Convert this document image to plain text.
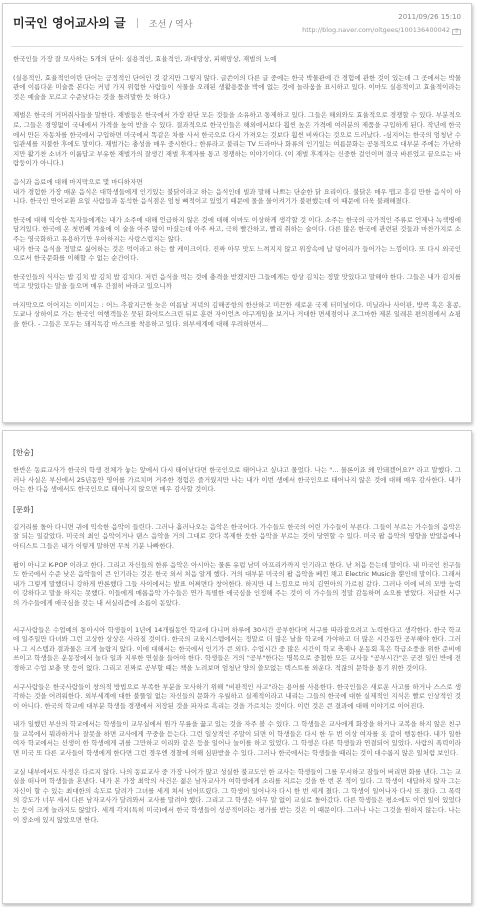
미국인 영어교사의 글	조선 / 역사
2011/09/26 15:10
http://blog.naver.com/oltgees/100136400042 공
한국인들 가장 잘 모사하는 5개의 단어: 실용적인, 효율적인, 과대망상, 피해망상, 재벌의 노예
(실용적인, 효율적인이란 단어는 긍정적인 단어인 것 같지만 그렇지 않다. 글쓴이의 다른 글 중에는 한국 박물관에 간 경험에 관한 것이 있는데 그 곳에서는 박물관에 이름다운 미술품 본다는 커녕 가지 위험한 사람들이 식물을 오래된 생활용품을 박에 없는 것에 놀라움을 표시하고 있다. 이마도 실용적이고 효율적이라는 것은 예술을 모르고 수준낮다는 것을 틀려말한 듯 하다.)
재벌은 한국의 거머쥐사들을 말한다. 재벌들은 한국에서 가장 판단 모든 것들을 소유하고 통제하고 있다. 그들은 해외와도 효율적으로 경쟁할 수 있다. 부분적으로, 그들은 경영없이 국내에서 가격을 높여 받을 수 있다. 결과적으로 한국인들은 해외에서보다 훨씬 높은 가격에 여러분의 제품을 구입하게 된다. 작년에 한국에서 만든 자동차를 한국에서 구입하면 미국에서 똑같은 차를 사서 한국으로 다시 가져오는 것보다 훨씬 비싸다는 것으로 드러났다. -심지어는 한국의 엄청난 수입관세를 지불한 후에도 말이다. 재벌가는 충성을 매우 중시한다.; 한류라고 불리는 TV 드라마나 화류의 인기있는 여름문화는 공통적으로 대부분 주에는 가난하지만 활기찬 소녀가 이룹답고 부유한 재벌가의 잘생긴 재벌 후계자를 통고 경쟁하는 이야기이다. (이 재벌 후계자는 신중한 걸인이며 결국 바른었고 끝으로는 바람둥이가 아니다.)
음식과 음료에 대해 마지막으로 몇 마디하자면
내가 경험한 가장 매운 음식은 대학생들에게 인기있는 불닭이라고 하는 음식인데 빌과 말해 나쁘는 단순한 닭 요리이다. 불닭은 매우 맵고 흥길 만한 음식이 아니다. 한국인 연어교환 요일 사람들과 동석한 음식점은 엄청 뼈적이고 있었기 때문에 몰을 물이켜기가 불편했는데 이 때문에 더욱 불쾌해졌다.
한국에 대해 익숙한 독자들에게는 내가 소주에 대해 언급하지 않은 것에 대해 이마도 이상하게 생각할 것 이다. 소주는 한국의 국가적인 주류로 언제나 녹색병에 담겨있다. 한국에 온 첫번째 겨울에 이 술을 아주 많이 마셨는데 아주 싸고, 극히 빨간하고, 빨리 취하는 술이다. 다른 많은 한국에 관련된 것들과 마찬가지로 소주는 영국화하고 유용하기만 우아하지는 사랑스럽지는 않다.
내가 한국 음식을 정말로 싫어하는 것은 먹이라고 하는 쌀 케이크이다. 진짜 아무 맛도 느껴지지 않고 위장속에 납 덩어리가 들어가는 느낌이다. 또 다시 외국인으로서 한국문화를 이해할 수 없는 순간이다.
한국인들의 식사는 밥 김치 밥 김치 밥 김치다. 저런 음식을 먹는 것에 충격을 받겠지만 그들에게는 항상 김치는 정말 맛있다고 말해야 한다. 그들은 내가 김치를 먹고 맛있다는 말을 들으며 매우 간절히 바라고 있으니까
마지막으로 이어지는 이미지는 : 어느 추잡지근한 늦은 여름날 저녁의 김해공항의 한산하고 미끈한 새로운 국제 터미널이다. 미닐라나 사이판, 방콕 혹은 홍콩, 도쿄나 상하이로 가는 한국인 여행객들은 뭇된 화이트스크린 뒤로 훈련 자이언츠 야구게임을 보거나 거대한 면세점이나 조그마한 제본 일레븐 편의점에서 쇼핑을 한다. - 그들은 모두는 돼지독감 마스크를 착용하고 있다. 외부세계에 대해 우려하면서...
[한숨]
한반은 동료교사가 한국의 학생 전체가 놓는 앞에서 다시 태어난다면 한국인으로 태어나고 싶냐고 물었다. 나는 "... 물론이죠 왜 안돼겠어요?" 라고 말했다. 그러나 사실은 부산에서 25년동안 영어를 가르치며 거주한 경험은 즐거웠지만 나는 내가 이번 생에서 한국인으로 태어나지 않은 것에 대해 매우 감사한다. 내가 아는 한 다음 생에서도 한국인으로 태어나지 않으면 매우 감사할 것이다.
[문화]
길거리를 돌아 다니면 귀에 익숙한 음악이 들린다. 그러나 흘러나오는 음악은 한국어다. 가수들도 한국의 어린 가수들이 부른다. 그들이 부르는 가수들의 음악은 잘 되는 일같았다. 미국의 최인 음악이거나 댄스 음악을 거의 그대로 갖다 복제한 듯한 음악을 부르는 것이 당연할 수 있다. 미국 팝 음악의 영향을 받았음에나 아티스트 그들은 내가 이렇게 말하면 무척 기분 나빠한다.
팝이 아니고 K-POP 이라고 한다. 그리고 자신들의 한류 음악은 아시아는 물론 유럽 남미 아프리카까지 인기라고 한다. 난 처음 듣는데 말이다. 내 미국인 친구들도 한국에서 수준 낮은 음악들이 큰 인기라는 것은 한국 외서 처음 알게 했다. 거의 대부분 미국의 팝 음악을 베낀 채고 Electric Music을 뿐인데 말이다. 그래서 내가 그렇게 말했더니 강하게 반론했다 그들 사이에서는 발표 어쩌면다 창어한다. 하지만 내 느낌으로 마치 김연아의 가르침 같다. 그러나 이에 비의 모방 능력이 강하다고 말을 하지는 못했다. 이들에게 매롭음악 가수들은 연가 특별한 애국심을 인정해 주는 것이 이 가수들의 정말 감동하며 쇼으를 받았다. 저급한 서구의 가수들에게 애국심을 갖는 내 서실리즘에 소름이 돋았다.
서구사람들은 수업예의 통아시아 학생들이 1년에 14개월동안 학교에 다니며 하루에 30시간 공부한다며 서구를 따라잡으려고 노력한다고 생각한다. 한국 학교에 일주일만 다녀봐 그런 고상한 상상은 사라질 것이다. 한국의 교육시스템에서는 정말로 더 많은 날을 학교에 가야하고 더 많은 시간동안 공부해야 한다. 그러나 그 시스템과 결과물은 크게 놀랍지 않다. 이에 대해서는 한국에서 인기가 큰 외다. 수업시간 중 많은 시간이 학교 축제나 운동회 혹은 학급소풍을 위한 준비에 쓰이고 학생들은 운동장에서 놀다 일과 지루한 연설을 들어야 한다. 학생들은 거의 "공부"한다는 명목으로 중첩한 모든 교사들 "공부시간"은 군전 일인 반에 전경하고 수업 보충 맞 등이 없다. 그리고 진짜로 공부할 때는 책을 노려보며 엄청난 양의 쓸모없는 텍스트를 외운다. 적잖의 문학을 통기 위한 것이다.
서구사람들은 한국사람들이 창의적 방법으로 부족한 부분을 모사하기 위해 "비판적인 사고"라는 용어를 사용한다. 한국인들은 새로운 사고를 하거나 스스로 생각하는 것을 어려워한다. 외부세계에 대한 불뚤일 없는 자신들의 문화가 우월하고 실제적이라고 내리는 그들의 한국에 대한 실제적인 지식은 빨로 인상적인 것이 아니다. 한국의 학교에 대부분 학생들 경쟁에서 저장된 것을 파자로 흑리는 것을 가르치는 것이다. 이런 것은 큰 결과에 대해 이야기로 이어진다.
내가 일했던 부산의 학교에서는 학생들이 교무실에서 뭔가 무릎을 꿇고 있는 것을 자주 볼 수 있다. 그 학생들은 교사에게 화장을 하거나 교복을 하지 않은 친구들 교복에서 뭐라하거나 잘못을 하면 교사에게 꾸중을 듣는다. 그런 일상적인 주말이 되면 이 학생들은 다시 한 두 번 이상 여자를 옷 같이 행동한다. 내가 일한 여자 학교에서는 선생이 한 학생에게 귀를 그만하고 이리와 같은 등을 일어나 놀이를 하고 있었다. 그 학생은 다른 학생들과 연결되어 있었다. 사람의 폭력이라면 미국 또 다른 교사들이 학생에게 한다면 그런 경우엔 경찰에 의해 심판받을 수 있다. 그러나 한국에서는 학생들을 때리는 것이 대수롭지 않은 일처럼 보인다.
교실 내부에서도 사정은 다르지 않다. 나의 동료교사 중 가장 나이가 많고 성실한 불교도인 한 교사는 학생들이 그를 무시하고 잠들어 버리면 화를 낸다. 그는 교실을 떠나며 학생들을 혼낸다. 내가 본 가장 최악의 사건은 젊은 남자교사가 여학생에게 소리를 지르는 것을 한 번 본 적이 있다. 그 학생이 대답하지 않자 그는 자신이 할 수 있는 최대한의 속도로 달려가 그녀를 세게 쳐서 넘어뜨렸다. 그 학생이 일어나자 다시 한 번 세게 쳤다. 그 학생이 일어나자 다시 또 쳤다. 그 폭력의 강도가 너무 세서 다른 남자교사가 달려와서 교사를 말려야 했다. 그리고 그 학생은 아무 말 없이 교실로 돌아갔다. 다른 학생들은 평소에도 이런 일이 있었다는 듯이 크게 놀라지도 않았다. 세계 각지(특히 미국)에서 한국 학생들이 성공적이라는 평가를 받는 것은 이 때문이다. 그러나 나는 그것을 원하지 않는다. 나는 이 장소에 있지 않았으면 한다.
